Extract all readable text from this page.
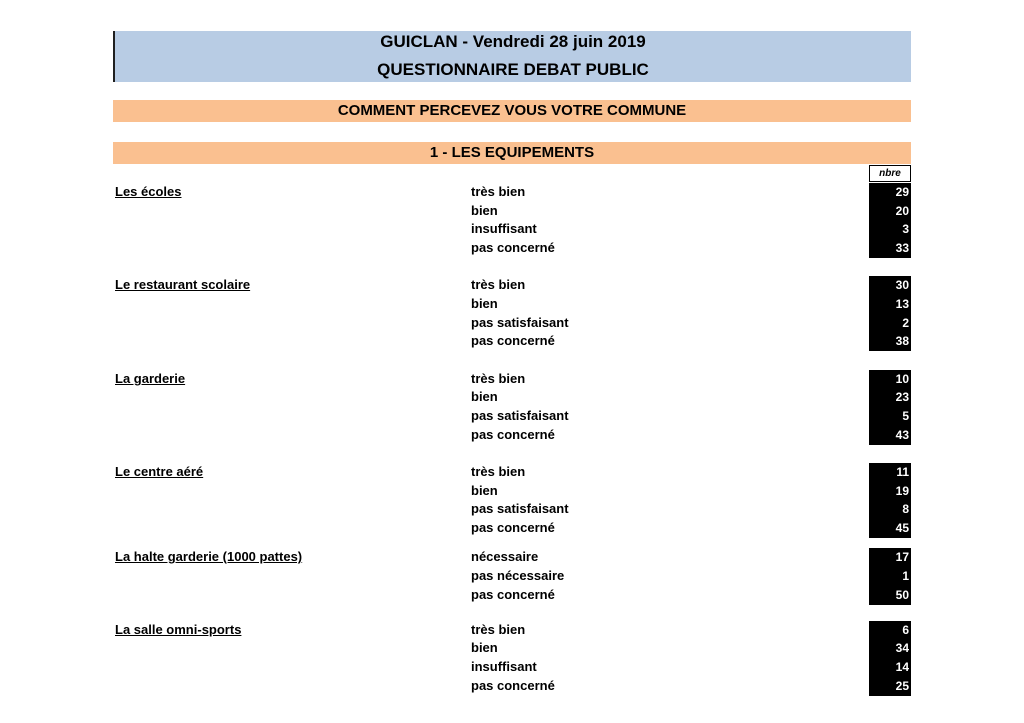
GUICLAN - Vendredi 28 juin 2019
QUESTIONNAIRE DEBAT PUBLIC
COMMENT PERCEVEZ VOUS VOTRE COMMUNE
1 - LES EQUIPEMENTS
nbre
Les écoles	très bien	29
bien	20
insuffisant	3
pas concerné	33
Le restaurant scolaire	très bien	30
bien	13
pas satisfaisant	2
pas concerné	38
La garderie	très bien	10
bien	23
pas satisfaisant	5
pas concerné	43
Le centre aéré	très bien	11
bien	19
pas satisfaisant	8
pas concerné	45
La halte garderie (1000 pattes)	nécessaire	17
pas nécessaire	1
pas concerné	50
La salle omni-sports	très bien	6
bien	34
insuffisant	14
pas concerné	25
